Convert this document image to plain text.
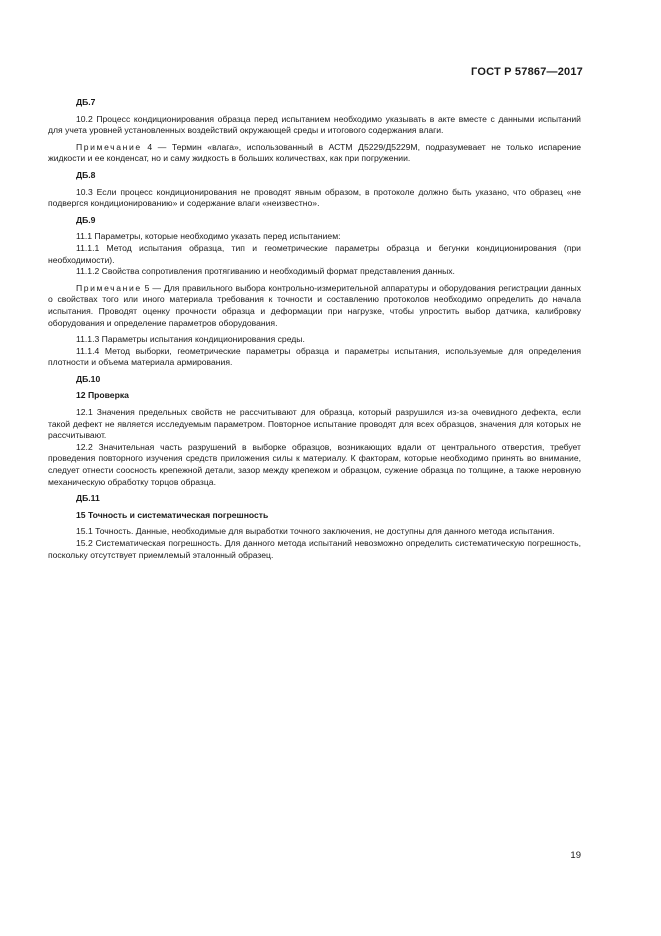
ГОСТ Р 57867—2017

ДБ.7

10.2 Процесс кондиционирования образца перед испытанием необходимо указывать в акте вместе с данными испытаний для учета уровней установленных воздействий окружающей среды и итогового содержания влаги.

Примечание 4 — Термин «влага», использованный в АСТМ Д5229/Д5229М, подразумевает не только испарение жидкости и ее конденсат, но и саму жидкость в больших количествах, как при погружении.

ДБ.8

10.3 Если процесс кондиционирования не проводят явным образом, в протоколе должно быть указано, что образец «не подвергся кондиционированию» и содержание влаги «неизвестно».

ДБ.9

11.1 Параметры, которые необходимо указать перед испытанием:

11.1.1 Метод испытания образца, тип и геометрические параметры образца и бегунки кондиционирования (при необходимости).

11.1.2 Свойства сопротивления протягиванию и необходимый формат представления данных.

Примечание 5 — Для правильного выбора контрольно-измерительной аппаратуры и оборудования регистрации данных о свойствах того или иного материала требования к точности и составлению протоколов необходимо определить до начала испытания. Проводят оценку прочности образца и деформации при нагрузке, чтобы упростить выбор датчика, калибровку оборудования и определение параметров оборудования.

11.1.3 Параметры испытания кондиционирования среды.

11.1.4 Метод выборки, геометрические параметры образца и параметры испытания, используемые для определения плотности и объема материала армирования.

ДБ.10

12 Проверка

12.1 Значения предельных свойств не рассчитывают для образца, который разрушился из-за очевидного дефекта, если такой дефект не является исследуемым параметром. Повторное испытание проводят для всех образцов, значения для которых не рассчитывают.

12.2 Значительная часть разрушений в выборке образцов, возникающих вдали от центрального отверстия, требует проведения повторного изучения средств приложения силы к материалу. К факторам, которые необходимо принять во внимание, следует отнести соосность крепежной детали, зазор между крепежом и образцом, сужение образца по толщине, а также неровную механическую обработку торцов образца.

ДБ.11

15 Точность и систематическая погрешность

15.1 Точность. Данные, необходимые для выработки точного заключения, не доступны для данного метода испытания.

15.2 Систематическая погрешность. Для данного метода испытаний невозможно определить систематическую погрешность, поскольку отсутствует приемлемый эталонный образец.

19
